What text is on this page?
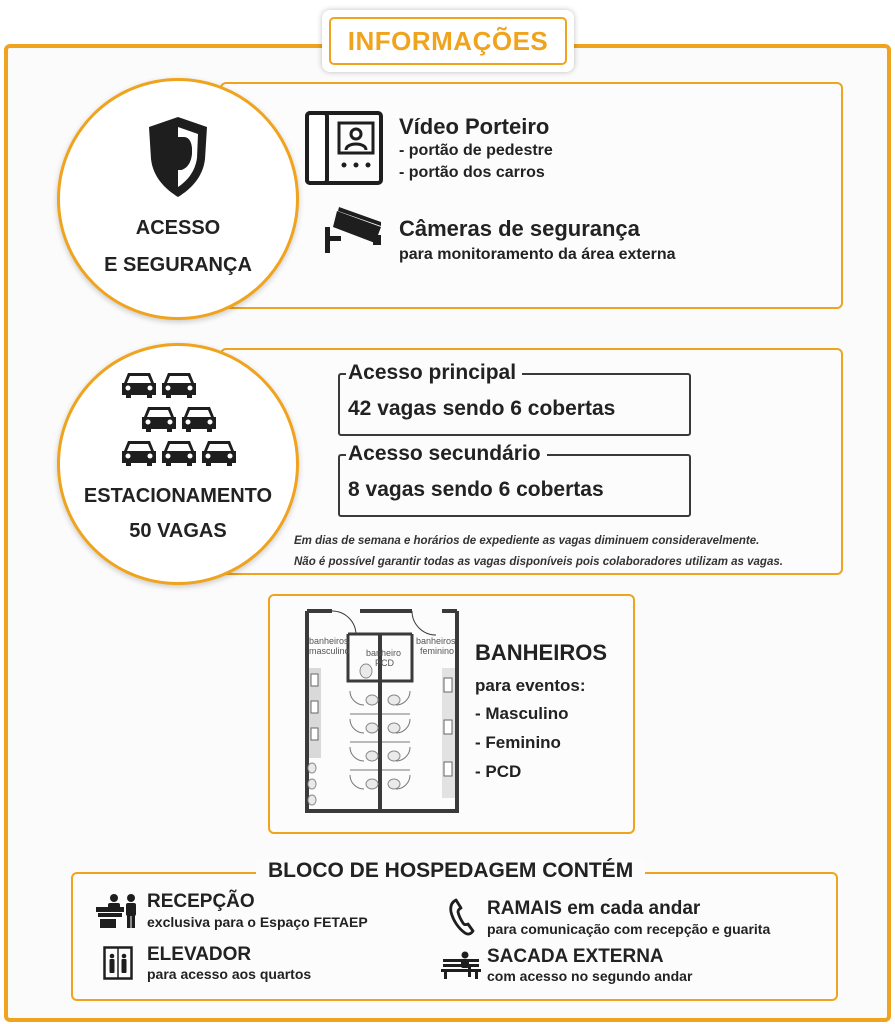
INFORMAÇÕES
ACESSO
E SEGURANÇA
Vídeo Porteiro
- portão de pedestre
- portão dos carros
Câmeras de segurança
para monitoramento da área externa
ESTACIONAMENTO
50 VAGAS
Acesso principal
42 vagas sendo 6 cobertas
Acesso secundário
8 vagas sendo 6 cobertas
Em dias de semana e horários de expediente as vagas diminuem consideravelmente.
Não é possível garantir todas as vagas disponíveis pois colaboradores utilizam as vagas.
banheiros
masculino banheiro
PCD
banheiros
feminino BANHEIROS
para eventos:
- Masculino
- Feminino
- PCD
BLOCO DE HOSPEDAGEM CONTÉM
RECEPÇÃO
exclusiva para o Espaço FETAEP
ELEVADOR
para acesso aos quartos
RAMAIS em cada andar
para comunicação com recepção e guarita
SACADA EXTERNA
com acesso no segundo andar
